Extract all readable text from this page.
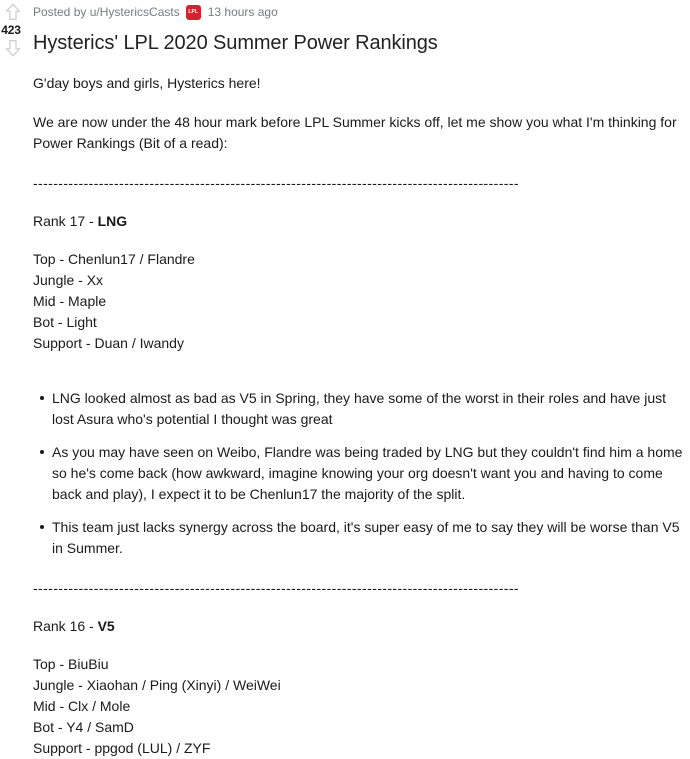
423
Posted by u/HystericsCasts	LPL 13 hours ago
Hysterics' LPL 2020 Summer Power Rankings

G'day boys and girls, Hysterics here!

We are now under the 48 hour mark before LPL Summer kicks off, let me show you what I'm thinking for Power Rankings (Bit of a read):

------------------------------------------------------------------------------------------------

Rank 17 - LNG

Top - Chenlun17 / Flandre
Jungle - Xx
Mid - Maple
Bot - Light
Support - Duan / Iwandy
LNG looked almost as bad as V5 in Spring, they have some of the worst in their roles and have just lost Asura who's potential I thought was great
As you may have seen on Weibo, Flandre was being traded by LNG but they couldn't find him a home so he's come back (how awkward, imagine knowing your org doesn't want you and having to come back and play), I expect it to be Chenlun17 the majority of the split.
This team just lacks synergy across the board, it's super easy of me to say they will be worse than V5 in Summer.
------------------------------------------------------------------------------------------------

Rank 16 - V5

Top - BiuBiu
Jungle - Xiaohan / Ping (Xinyi) / WeiWei
Mid - Clx / Mole
Bot - Y4 / SamD
Support - ppgod (LUL) / ZYF
